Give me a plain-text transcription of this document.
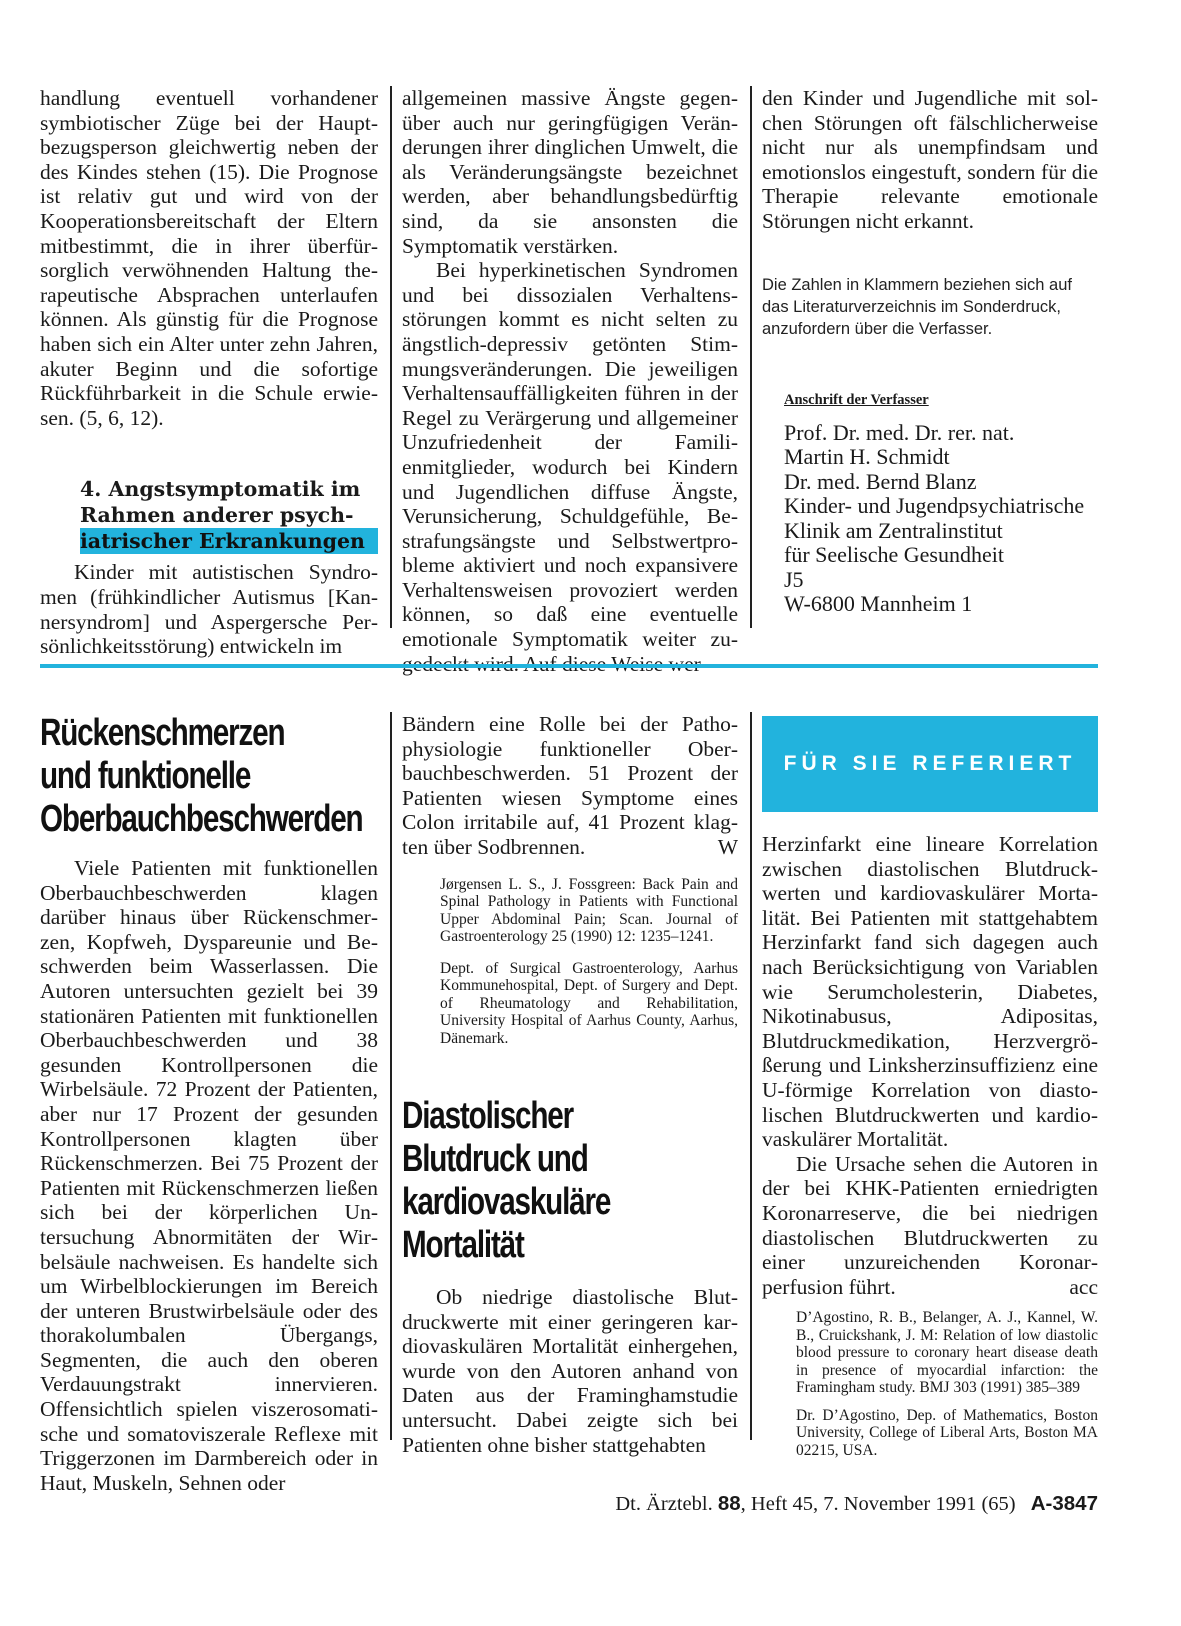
handlung eventuell vorhandener symbiotischer Züge bei der Hauptbezugsperson gleichwertig neben der des Kindes stehen (15). Die Prognose ist relativ gut und wird von der Kooperationsbereitschaft der Eltern mitbestimmt, die in ihrer überfürsorglich verwöhnenden Haltung therapeutische Absprachen unterlaufen können. Als günstig für die Prognose haben sich ein Alter unter zehn Jahren, akuter Beginn und die sofortige Rückführbarkeit in die Schule erwiesen. (5, 6, 12).

4. Angstsymptomatik im

Rahmen anderer psych-

iatrischer Erkrankungen

Kinder mit autistischen Syndromen (frühkindlicher Autismus [Kannersyndrom] und Aspergersche Persönlichkeitsstörung) entwickeln im

allgemeinen massive Ängste gegenüber auch nur geringfügigen Veränderungen ihrer dinglichen Umwelt, die als Veränderungsängste bezeichnet werden, aber behandlungsbedürftig sind, da sie ansonsten die Symptomatik verstärken.

Bei hyperkinetischen Syndromen und bei dissozialen Verhaltensstörungen kommt es nicht selten zu ängstlich-depressiv getönten Stimmungsveränderungen. Die jeweiligen Verhaltensauffälligkeiten führen in der Regel zu Verärgerung und allgemeiner Unzufriedenheit der Familienmitglieder, wodurch bei Kindern und Jugendlichen diffuse Ängste, Verunsicherung, Schuldgefühle, Bestrafungsängste und Selbstwertprobleme aktiviert und noch expansivere Verhaltensweisen provoziert werden können, so daß eine eventuelle emotionale Symptomatik weiter zu

den Kinder und Jugendliche mit solchen Störungen oft fälschlicherweise nicht nur als unempfindsam und emotionslos eingestuft, sondern für die Therapie relevante emotionale Störungen nicht erkannt.

Die Zahlen in Klammern beziehen sich auf das Literaturverzeichnis im Sonderdruck, anzufordern über die Verfasser.

Anschrift der Verfasser

Prof. Dr. med. Dr. rer. nat.

Martin H. Schmidt

Dr. med. Bernd Blanz

Kinder- und Jugendpsychiatrische

Klinik am Zentralinstitut

für Seelische Gesundheit

J5

W-6800 Mannheim 1

Rückenschmerzen

und funktionelle

Oberbauchbeschwerden

Viele Patienten mit funktionellen Oberbauchbeschwerden klagen darüber hinaus über Rückenschmerzen, Kopfweh, Dyspareunie und Beschwerden beim Wasserlassen. Die Autoren untersuchten gezielt bei 39 stationären Patienten mit funktionellen Oberbauchbeschwerden und 38 gesunden Kontrollpersonen die Wirbelsäule. 72 Prozent der Patienten, aber nur 17 Prozent der gesunden Kontrollpersonen klagten über Rückenschmerzen. Bei 75 Prozent der Patienten mit Rückenschmerzen ließen sich bei der körperlichen Untersuchung Abnormitäten der Wirbelsäule nachweisen. Es handelte sich um Wirbelblockierungen im Bereich der unteren Brustwirbelsäule oder des thorakolumbalen Übergangs, Segmenten, die auch den oberen Verdauungstrakt innervieren. Offensichtlich spielen viszerosomatische und somatoviszerale Reflexe mit Triggerzonen im Darmbereich oder in Haut, Muskeln, Sehnen oder

Bändern eine Rolle bei der Pathophysiologie funktioneller Oberbauchbeschwerden. 51 Prozent der Patienten wiesen Symptome eines Colon irritabile auf, 41 Prozent klagten über Sodbrennen.	W

Jørgensen L. S., J. Fossgreen: Back Pain and Spinal Pathology in Patients with Functional Upper Abdominal Pain; Scan. Journal of Gastroenterology 25 (1990) 12: 1235–1241.

Dept. of Surgical Gastroenterology, Aarhus Kommunehospital, Dept. of Surgery and Dept. of Rheumatology and Rehabilitation, University Hospital of Aarhus County, Aarhus, Dänemark.

Diastolischer

Blutdruck und

kardiovaskuläre

Mortalität

Ob niedrige diastolische Blutdruckwerte mit einer geringeren kardiovaskulären Mortalität einhergehen, wurde von den Autoren anhand von Daten aus der Framinghamstudie untersucht. Dabei zeigte sich bei Patienten ohne bisher stattgehabten

FÜR SIE REFERIERT

Herzinfarkt eine lineare Korrelation zwischen diastolischen Blutdruckwerten und kardiovaskulärer Mortalität. Bei Patienten mit stattgehabtem Herzinfarkt fand sich dagegen auch nach Berücksichtigung von Variablen wie Serumcholesterin, Diabetes, Nikotinabusus, Adipositas, Blutdruckmedikation, Herzvergrößerung und Linksherzinsuffizienz eine U-förmige Korrelation von diastolischen Blutdruckwerten und kardiovaskulärer Mortalität.

Die Ursache sehen die Autoren in der bei KHK-Patienten erniedrigten Koronarreserve, die bei niedrigen diastolischen Blutdruckwerten zu einer unzureichenden Koronarperfusion führt.	acc

D’Agostino, R. B., Belanger, A. J., Kannel, W. B., Cruickshank, J. M: Relation of low diastolic blood pressure to coronary heart disease death in presence of myocardial infarction: the Framingham study. BMJ 303 (1991) 385–389

Dr. D’Agostino, Dep. of Mathematics, Boston University, College of Liberal Arts, Boston MA 02215, USA.

Dt. Ärztebl. 88, Heft 45, 7. November 1991 (65) A-3847
